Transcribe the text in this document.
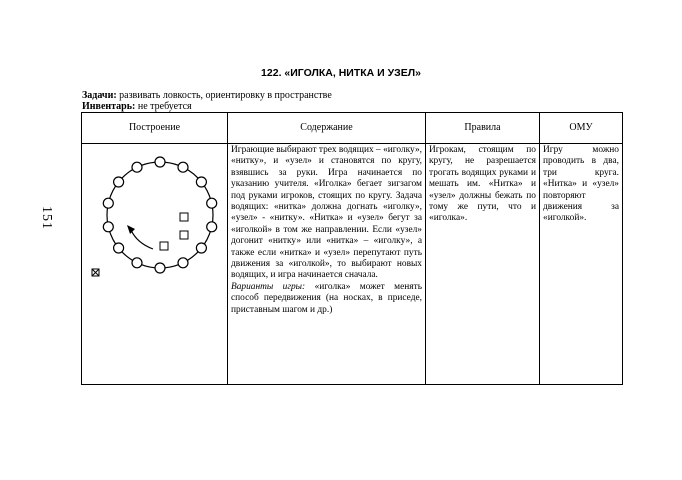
151
122. «ИГОЛКА, НИТКА И УЗЕЛ»
Задачи: развивать ловкость, ориентировку в пространстве
Инвентарь: не требуется
Построение	Содержание	Правила	ОМУ

	Играющие выбирают трех водящих – «иголку», «нитку», и «узел» и становятся по кругу, взявшись за руки. Игра начинается по указанию учителя. «Иголка» бегает зигзагом под руками игроков, стоящих по кругу. Задача водящих: «нитка» должна догнать «иголку», «узел» - «нитку». «Нитка» и «узел» бегут за «иголкой» в том же направлении. Если «узел» догонит «нитку» или «нитка» – «иголку», а также если «нитка» и «узел» перепутают путь движения за «иголкой», то выбирают новых водящих, и игра начинается сначала.
Варианты игры: «иголка» может менять способ передвижения (на носках, в приседе, приставным шагом и др.)	Игрокам, стоящим по кругу, не разрешается трогать водящих руками и мешать им. «Нитка» и «узел» должны бежать по тому же пути, что и «иголка».	Игру можно проводить в два, три круга. «Нитка» и «узел» повторяют движения за «иголкой».
